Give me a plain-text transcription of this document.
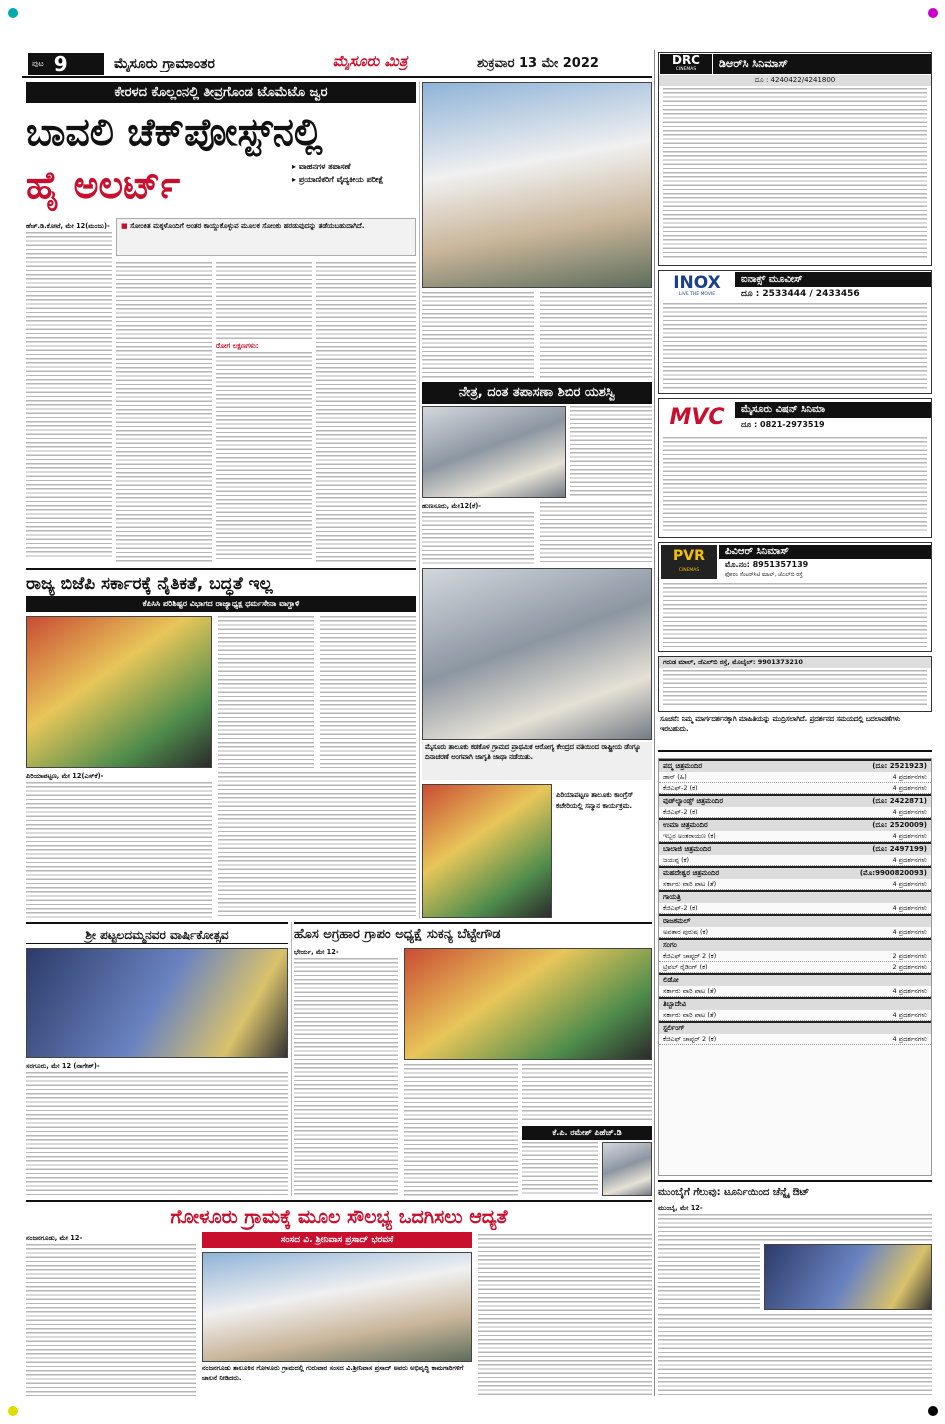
ಪುಟ 9	ಮೈಸೂರು ಗ್ರಾಮಾಂತರ	ಮೈಸೂರು ಮಿತ್ರ	ಶುಕ್ರವಾರ 13 ಮೇ 2022
ಕೇರಳದ ಕೊಲ್ಲಂನಲ್ಲಿ ತೀವ್ರಗೊಂಡ ಟೊಮೆಟೊ ಜ್ವರ
ಬಾವಲಿ ಚೆಕ್‌ಪೋಸ್ಟ್‌ನಲ್ಲಿ
ಹೈ ಅಲರ್ಟ್	▸ ವಾಹನಗಳ ತಪಾಸಣೆ
▸ ಪ್ರಯಾಣಿಕರಿಗೆ ವೈದ್ಯಕೀಯ ಪರೀಕ್ಷೆ
ಹೆಚ್.ಡಿ.ಕೋಟೆ, ಮೇ 12(ಮಂಜು)-	■ ಸೋಂಕಿತ ಮಕ್ಕಳೊಂದಿಗೆ ಅಂತರ ಕಾಯ್ದುಕೊಳ್ಳುವ ಮೂಲಕ ಸೋಂಕು ಹರಡುವುದನ್ನು ತಡೆಯಬಹುದಾಗಿದೆ.
ರೋಗ ಲಕ್ಷಣಗಳು:
ನೇತ್ರ, ದಂತ ತಪಾಸಣಾ ಶಿಬಿರ ಯಶಸ್ವಿ
ಹುಣಸೂರು, ಮೇ12(ಕೆ)-
ರಾಜ್ಯ ಬಿಜೆಪಿ ಸರ್ಕಾರಕ್ಕೆ ನೈತಿಕತೆ, ಬದ್ಧತೆ ಇಲ್ಲ
ಕೆಪಿಸಿಸಿ ಪರಿಶಿಷ್ಟರ ವಿಭಾಗದ ರಾಜ್ಯಾಧ್ಯಕ್ಷ ಧರ್ಮಸೇನಾ ವಾಗ್ದಾಳಿ
ಪಿರಿಯಾಪಟ್ಟಣ, ಮೇ 12(ಎಸ್‌ಕೆ)-
ಮೈಸೂರು ತಾಲೂಕು ಕಡಕೊಳ ಗ್ರಾಮದ ಪ್ರಾಥಮಿಕ ಆರೋಗ್ಯ ಕೇಂದ್ರದ ವತಿಯಿಂದ ರಾಷ್ಟ್ರೀಯ ಡೆಂಗ್ಯೂ ದಿನಾಚರಣೆ ಅಂಗವಾಗಿ ಜಾಗೃತಿ ಜಾಥಾ ನಡೆಯಿತು.
ಪಿರಿಯಾಪಟ್ಟಣ ತಾಲೂಕು ಕಾಂಗ್ರೆಸ್ ಕಚೇರಿಯಲ್ಲಿ ಸನ್ಮಾನ ಕಾರ್ಯಕ್ರಮ.
ಶ್ರೀ ಪಟ್ಟಲದಮ್ಮನವರ ವಾರ್ಷಿಕೋತ್ಸವ
ಸರಗೂರು, ಮೇ 12 (ನಾಗೇಶ್)-
ಹೊಸ ಅಗ್ರಹಾರ ಗ್ರಾಪಂ ಅಧ್ಯಕ್ಷೆ ಸುಕನ್ಯ ಬೆಟ್ಟೇಗೌಡ
ಭೇರ್ಯ, ಮೇ 12-
ಕೆ.ಪಿ. ರಮೇಶ್ ಪಿಹೆಚ್.ಡಿ
ಗೋಳೂರು ಗ್ರಾಮಕ್ಕೆ ಮೂಲ ಸೌಲಭ್ಯ ಒದಗಿಸಲು ಆದ್ಯತೆ
ಸಂಸದ ವಿ. ಶ್ರೀನಿವಾಸ ಪ್ರಸಾದ್ ಭರವಸೆ
ನಂಜನಗೂಡು, ಮೇ 12-
ನಂಜನಗೂಡು ತಾಲೂಕಿನ ಗೋಳೂರು ಗ್ರಾಮದಲ್ಲಿ ಗುರುವಾರ ಸಂಸದ ವಿ.ಶ್ರೀನಿವಾಸ ಪ್ರಸಾದ್ ಅವರು ಅಭಿವೃದ್ಧಿ ಕಾಮಗಾರಿಗಳಿಗೆ ಚಾಲನೆ ನೀಡಿದರು.
DRC
CINEMAS	ಡಿಆರ್‌ಸಿ ಸಿನಿಮಾಸ್
ದೂ : 4240422/4241800
INOX
LIVE THE MOVIE
ಐನಾಕ್ಸ್ ಮೂವೀಸ್
ದೂ : 2533444 / 2433456
MVC	ಮೈಸೂರು ವಿಷನ್ ಸಿನಿಮಾ
ದೂ : 0821-2973519
PVR
CINEMAS
ಪಿವಿಆರ್ ಸಿನಿಮಾಸ್
ಮೊ.ನಂ: 8951357139
ಫೋರಂ ಸೆಂಟರ್‌ಸಿಟಿ ಮಾಲ್, ಜೆಎಲ್‌ಬಿ ರಸ್ತೆ
ಗರುಡ ಮಾಲ್, ಜೆಎಲ್‌ಬಿ ರಸ್ತೆ, ಮೊಬೈಲ್: 9901373210
ಸೂಚನೆ: ನಿಮ್ಮ ಮಾರ್ಗದರ್ಶನಕ್ಕಾಗಿ ಮಾಹಿತಿಯನ್ನು ಮುದ್ರಿಸಲಾಗಿದೆ. ಪ್ರದರ್ಶನದ ಸಮಯದಲ್ಲಿ ಬದಲಾವಣೆಗಳು ಇರಬಹುದು.
ಪದ್ಮ ಚಿತ್ರಮಂದಿರ	(ದೂ: 2521923)
ಡಾನ್ (ಹಿ)	4 ಪ್ರದರ್ಶನಗಳು
ಕೆಜಿಎಫ್-2 (ಕ)	4 ಪ್ರದರ್ಶನಗಳು
ವುಡ್‌ಲ್ಯಾಂಡ್ಸ್ ಚಿತ್ರಮಂದಿರ	(ದೂ: 2422871)
ಕೆಜಿಎಫ್-2 (ಕ)	4 ಪ್ರದರ್ಶನಗಳು
ಉಮಾ ಚಿತ್ರಮಂದಿರ	(ದೂ: 2520009)
ಇಬ್ಬರ ಅಂತರಾಯಣ (ಕ)	4 ಪ್ರದರ್ಶನಗಳು
ಬಾಲಾಜಿ ಚಿತ್ರಮಂದಿರ	(ದೂ: 2497199)
ಜಯಪ್ಪ (ಕ)	4 ಪ್ರದರ್ಶನಗಳು
ಮಹದೇಶ್ವರ ಚಿತ್ರಮಂದಿರ	(ಮೊ:9900820093)
ಸರ್ಕಾರು ವಾರಿ ಪಾಟ (ತೆ)	4 ಪ್ರದರ್ಶನಗಳು
ಗಾಯತ್ರಿ
ಕೆಜಿಎಫ್-2 (ಕ)	4 ಪ್ರದರ್ಶನಗಳು
ರಾಜಕಮಲ್
ಅವತಾರ ಪುರುಷ (ಕ)	4 ಪ್ರದರ್ಶನಗಳು
ಸಂಗಂ
ಕೆಜಿಎಫ್ ಚಾಪ್ಟರ್ 2 (ಕ)	2 ಪ್ರದರ್ಶನಗಳು
ಟ್ರಿಪಲ್ ರೈಡಿಂಗ್ (ಕ)	2 ಪ್ರದರ್ಶನಗಳು
ಲಿಡೋ
ಸರ್ಕಾರು ವಾರಿ ಪಾಟ (ತೆ)	4 ಪ್ರದರ್ಶನಗಳು
ತಿಬ್ಬಾದೇವಿ
ಸರ್ಕಾರು ವಾರಿ ಪಾಟ (ತೆ)	4 ಪ್ರದರ್ಶನಗಳು
ಸ್ಟರ್ಲಿಂಗ್
ಕೆಜಿಎಫ್ ಚಾಪ್ಟರ್ 2 (ಕ)	4 ಪ್ರದರ್ಶನಗಳು
ಮುಂಬೈಗೆ ಗೆಲುವು: ಟೂರ್ನಿಯಿಂದ ಚೆನ್ನೈ ಔಟ್
ಮುಂಬೈ, ಮೇ 12-
